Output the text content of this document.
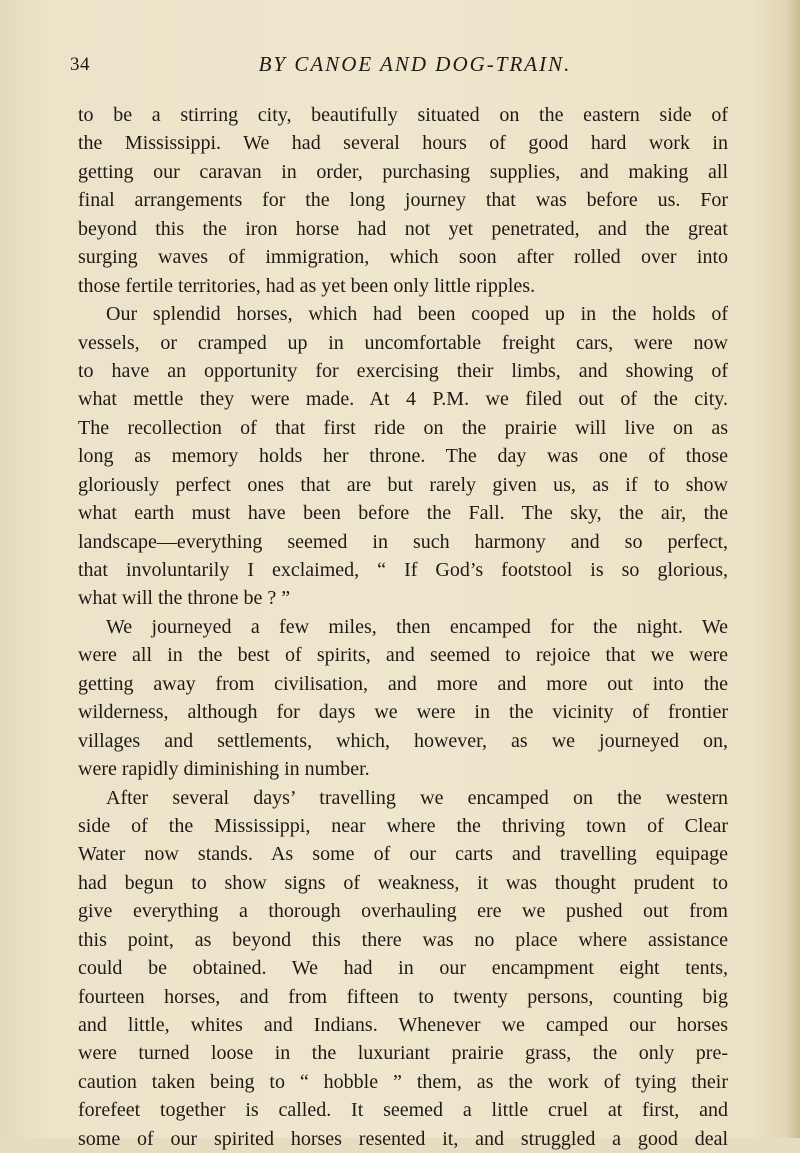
34	BY CANOE AND DOG-TRAIN.
to be a stirring city, beautifully situated on the eastern side of
the Mississippi. We had several hours of good hard work in
getting our caravan in order, purchasing supplies, and making all
final arrangements for the long journey that was before us. For
beyond this the iron horse had not yet penetrated, and the great
surging waves of immigration, which soon after rolled over into
those fertile territories, had as yet been only little ripples.
Our splendid horses, which had been cooped up in the holds of
vessels, or cramped up in uncomfortable freight cars, were now
to have an opportunity for exercising their limbs, and showing of
what mettle they were made. At 4 P.M. we filed out of the city.
The recollection of that first ride on the prairie will live on as
long as memory holds her throne. The day was one of those
gloriously perfect ones that are but rarely given us, as if to show
what earth must have been before the Fall. The sky, the air, the
landscape—everything seemed in such harmony and so perfect,
that involuntarily I exclaimed, “ If God’s footstool is so glorious,
what will the throne be ? ”
We journeyed a few miles, then encamped for the night. We
were all in the best of spirits, and seemed to rejoice that we were
getting away from civilisation, and more and more out into the
wilderness, although for days we were in the vicinity of frontier
villages and settlements, which, however, as we journeyed on,
were rapidly diminishing in number.
After several days’ travelling we encamped on the western
side of the Mississippi, near where the thriving town of Clear
Water now stands. As some of our carts and travelling equipage
had begun to show signs of weakness, it was thought prudent to
give everything a thorough overhauling ere we pushed out from
this point, as beyond this there was no place where assistance
could be obtained. We had in our encampment eight tents,
fourteen horses, and from fifteen to twenty persons, counting big
and little, whites and Indians. Whenever we camped our horses
were turned loose in the luxuriant prairie grass, the only pre-
caution taken being to “ hobble ” them, as the work of tying their
forefeet together is called. It seemed a little cruel at first, and
some of our spirited horses resented it, and struggled a good deal
